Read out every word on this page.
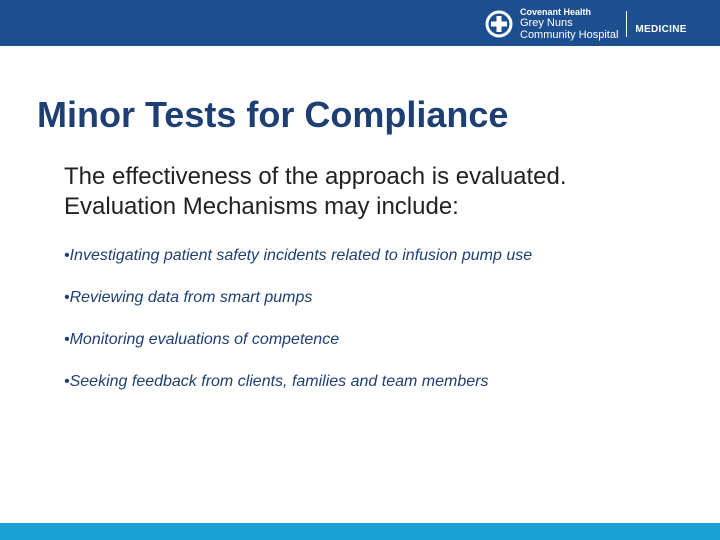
Covenant Health
Grey Nuns
Community Hospital MEDICINE
Minor Tests for Compliance

The effectiveness of the approach is evaluated.
Evaluation Mechanisms may include:

•Investigating patient safety incidents related to infusion pump use
•Reviewing data from smart pumps
•Monitoring evaluations of competence
•Seeking feedback from clients, families and team members
